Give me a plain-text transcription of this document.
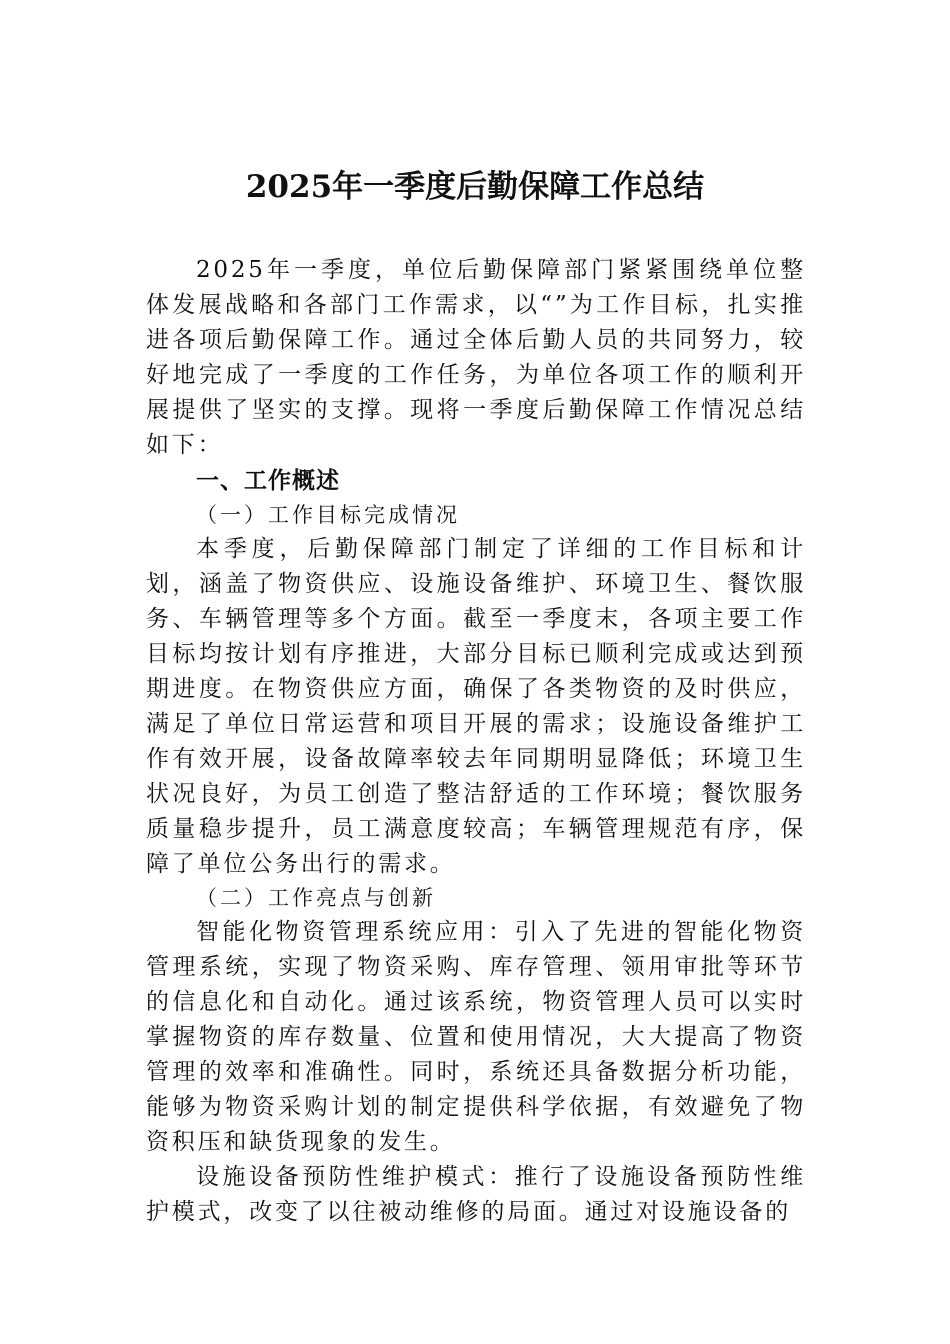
2025年一季度后勤保障工作总结

2025年一季度，单位后勤保障部门紧紧围绕单位整体发展战略和各部门工作需求，以“”为工作目标，扎实推进各项后勤保障工作。通过全体后勤人员的共同努力，较好地完成了一季度的工作任务，为单位各项工作的顺利开展提供了坚实的支撑。现将一季度后勤保障工作情况总结如下：

一、工作概述

（一）工作目标完成情况

本季度，后勤保障部门制定了详细的工作目标和计划，涵盖了物资供应、设施设备维护、环境卫生、餐饮服务、车辆管理等多个方面。截至一季度末，各项主要工作目标均按计划有序推进，大部分目标已顺利完成或达到预期进度。在物资供应方面，确保了各类物资的及时供应，满足了单位日常运营和项目开展的需求；设施设备维护工作有效开展，设备故障率较去年同期明显降低；环境卫生状况良好，为员工创造了整洁舒适的工作环境；餐饮服务质量稳步提升，员工满意度较高；车辆管理规范有序，保障了单位公务出行的需求。

（二）工作亮点与创新

智能化物资管理系统应用：引入了先进的智能化物资管理系统，实现了物资采购、库存管理、领用审批等环节的信息化和自动化。通过该系统，物资管理人员可以实时掌握物资的库存数量、位置和使用情况，大大提高了物资管理的效率和准确性。同时，系统还具备数据分析功能，能够为物资采购计划的制定提供科学依据，有效避免了物资积压和缺货现象的发生。

设施设备预防性维护模式：推行了设施设备预防性维护模式，改变了以往被动维修的局面。通过对设施设备的
